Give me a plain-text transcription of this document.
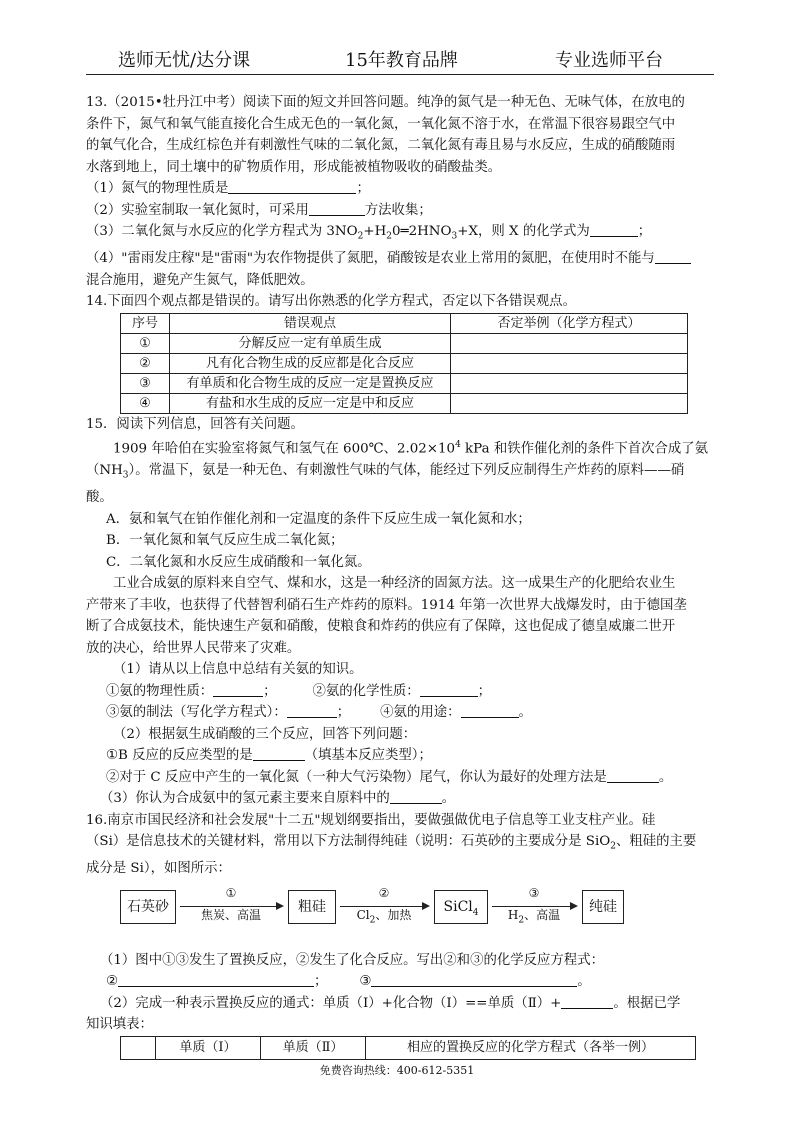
选师无忧/达分课	15年教育品牌	专业选师平台

13.（2015•牡丹江中考）阅读下面的短文并回答问题。纯净的氮气是一种无色、无味气体，在放电的

条件下，氮气和氧气能直接化合生成无色的一氧化氮，一氧化氮不溶于水，在常温下很容易跟空气中

的氧气化合，生成红棕色并有刺激性气味的二氧化氮，二氧化氮有毒且易与水反应，生成的硝酸随雨

水落到地上，同土壤中的矿物质作用，形成能被植物吸收的硝酸盐类。

（1）氮气的物理性质是	；

（2）实验室制取一氧化氮时，可采用	方法收集；

（3）二氧化氮与水反应的化学方程式为 $3NO_2+H_20═2HNO_3+X$，则 X 的化学式为	；

（4）"雷雨发庄稼"是"雷雨"为农作物提供了氮肥，硝酸铵是农业上常用的氮肥，在使用时不能与

混合施用，避免产生氮气，降低肥效。

14.下面四个观点都是错误的。请写出你熟悉的化学方程式，否定以下各错误观点。

序号	错误观点	否定举例（化学方程式）
①	分解反应一定有单质生成	
②	凡有化合物生成的反应都是化合反应	
③	有单质和化合物生成的反应一定是置换反应	
④	有盐和水生成的反应一定是中和反应	

15．阅读下列信息，回答有关问题。

1909 年哈伯在实验室将氮气和氢气在 600℃、$2.02\times 10^4$ kPa 和铁作催化剂的条件下首次合成了氨

$(NH_3)$。常温下，氨是一种无色、有刺激性气味的气体，能经过下列反应制得生产炸药的原料——硝

酸。

A．氨和氧气在铂作催化剂和一定温度的条件下反应生成一氧化氮和水；

B．一氧化氮和氧气反应生成二氧化氮；

C．二氧化氮和水反应生成硝酸和一氧化氮。

工业合成氨的原料来自空气、煤和水，这是一种经济的固氮方法。这一成果生产的化肥给农业生

产带来了丰收，也获得了代替智利硝石生产炸药的原料。1914 年第一次世界大战爆发时，由于德国垄

断了合成氨技术，能快速生产氨和硝酸，使粮食和炸药的供应有了保障，这也促成了德皇威廉二世开

放的决心，给世界人民带来了灾难。

（1）请从以上信息中总结有关氨的知识。

①氨的物理性质：	；	②氨的化学性质：	；

③氨的制法（写化学方程式）：	； ④氨的用途：	。

（2）根据氨生成硝酸的三个反应，回答下列问题：

①B 反应的反应类型的是	（填基本反应类型）；

②对于 C 反应中产生的一氧化氮（一种大气污染物）尾气，你认为最好的处理方法是	。

（3）你认为合成氨中的氢元素主要来自原料中的	。

16.南京市国民经济和社会发展"十二五"规划纲要指出，要做强做优电子信息等工业支柱产业。硅

（Si）是信息技术的关键材料，常用以下方法制得纯硅（说明：石英砂的主要成分是 SiO$_2$、粗硅的主要

成分是 Si），如图所示：

石英砂
①
焦炭、高温	粗硅
②
$Cl_2$、加热	SiCl$_4$
③
$H_2$、高温	纯硅

（1）图中①③发生了置换反应，②发生了化合反应。写出②和③的化学反应方程式：

②	； ③	。

（2）完成一种表示置换反应的通式：单质（Ⅰ）+化合物（Ⅰ）==单质（Ⅱ）+	。根据已学

知识填表：

	单质（Ⅰ）	单质（Ⅱ）	相应的置换反应的化学方程式（各举一例）
免费咨询热线：400-612-5351
